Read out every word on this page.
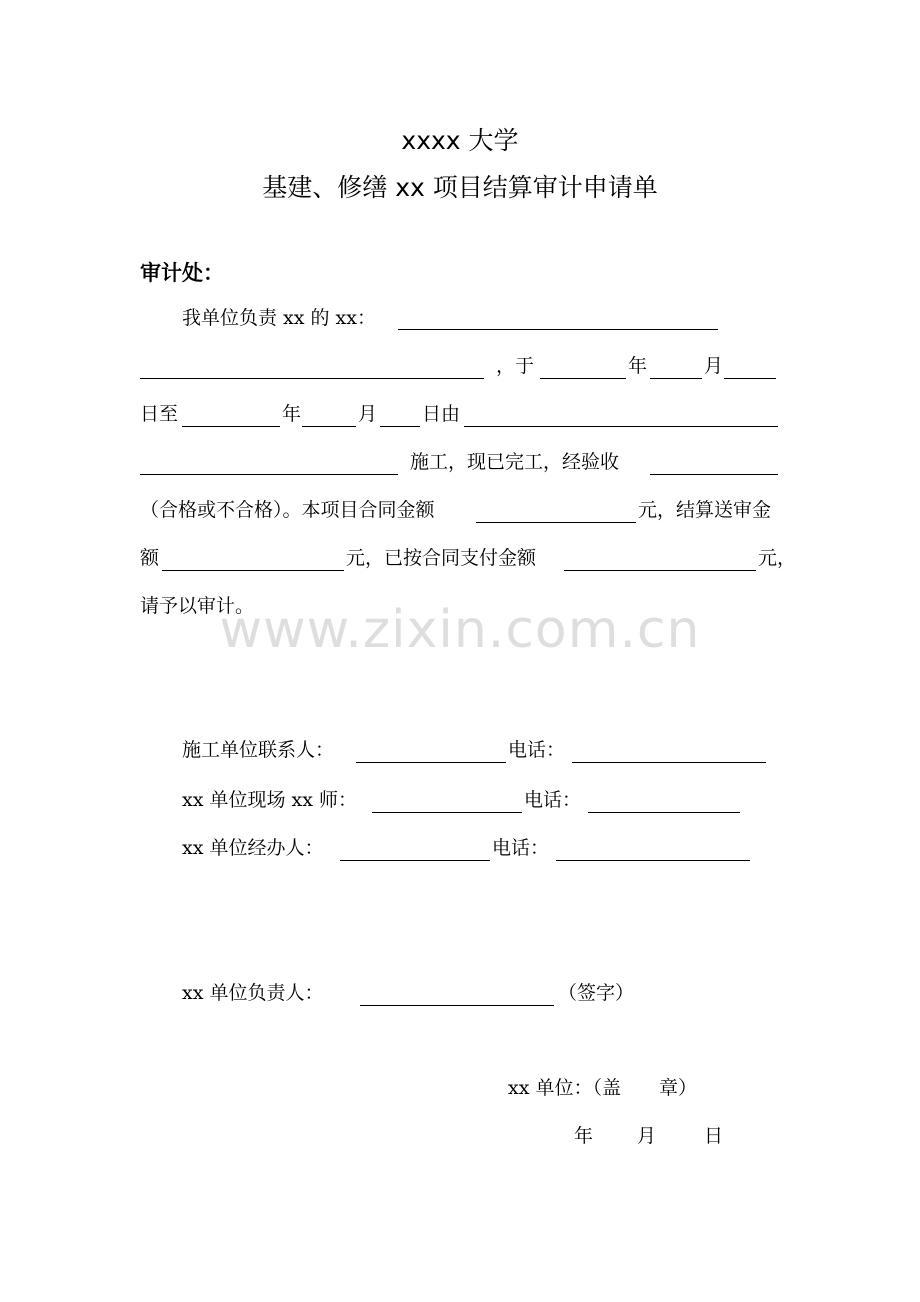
xxxx 大学
基建、修缮 xx 项目结算审计申请单
审计处：
我单位负责 xx 的 xx：
，于	年	月
日至	年	月 日由
施工，现已完工，经验收
（合格或不合格）。本项目合同金额	元，结算送审金
额	元，已按合同支付金额	元，
请予以审计。
www.zixin.com.cn
施工单位联系人：	电话：
xx 单位现场 xx 师：	电话：
xx 单位经办人：	电话：
xx 单位负责人：	（签字）
xx 单位：（盖　　章）
年 月	日
